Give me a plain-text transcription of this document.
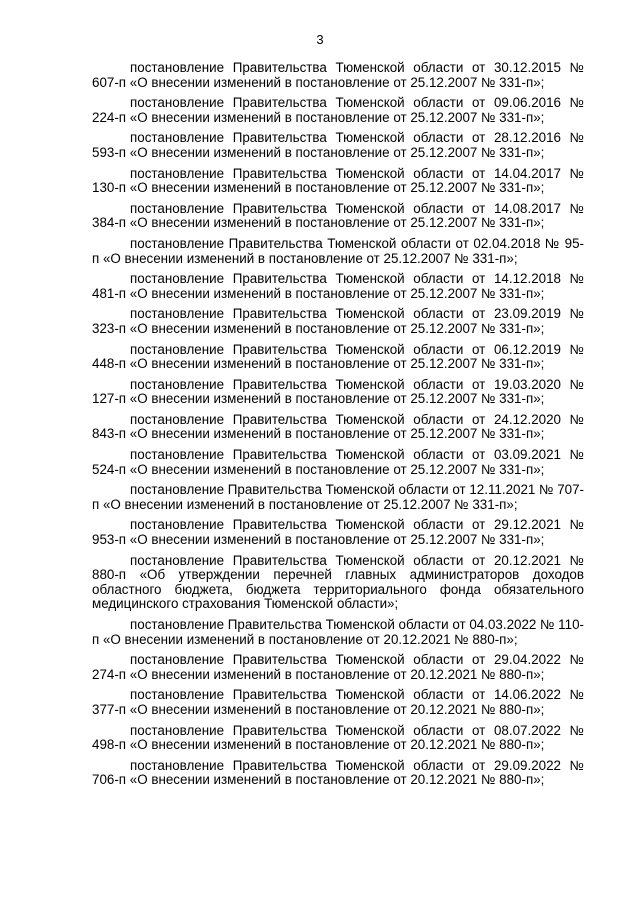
3

постановление Правительства Тюменской области от 30.12.2015 № 607-п «О внесении изменений в постановление от 25.12.2007 № 331-п»;

постановление Правительства Тюменской области от 09.06.2016 № 224-п «О внесении изменений в постановление от 25.12.2007 № 331-п»;

постановление Правительства Тюменской области от 28.12.2016 № 593-п «О внесении изменений в постановление от 25.12.2007 № 331-п»;

постановление Правительства Тюменской области от 14.04.2017 № 130-п «О внесении изменений в постановление от 25.12.2007 № 331-п»;

постановление Правительства Тюменской области от 14.08.2017 № 384-п «О внесении изменений в постановление от 25.12.2007 № 331-п»;

постановление Правительства Тюменской области от 02.04.2018 № 95-п «О внесении изменений в постановление от 25.12.2007 № 331-п»;

постановление Правительства Тюменской области от 14.12.2018 № 481-п «О внесении изменений в постановление от 25.12.2007 № 331-п»;

постановление Правительства Тюменской области от 23.09.2019 № 323-п «О внесении изменений в постановление от 25.12.2007 № 331-п»;

постановление Правительства Тюменской области от 06.12.2019 № 448-п «О внесении изменений в постановление от 25.12.2007 № 331-п»;

постановление Правительства Тюменской области от 19.03.2020 № 127-п «О внесении изменений в постановление от 25.12.2007 № 331-п»;

постановление Правительства Тюменской области от 24.12.2020 № 843-п «О внесении изменений в постановление от 25.12.2007 № 331-п»;

постановление Правительства Тюменской области от 03.09.2021 № 524-п «О внесении изменений в постановление от 25.12.2007 № 331-п»;

постановление Правительства Тюменской области от 12.11.2021 № 707-п «О внесении изменений в постановление от 25.12.2007 № 331-п»;

постановление Правительства Тюменской области от 29.12.2021 № 953-п «О внесении изменений в постановление от 25.12.2007 № 331-п»;

постановление Правительства Тюменской области от 20.12.2021 № 880-п «Об утверждении перечней главных администраторов доходов областного бюджета, бюджета территориального фонда обязательного медицинского страхования Тюменской области»;

постановление Правительства Тюменской области от 04.03.2022 № 110-п «О внесении изменений в постановление от 20.12.2021 № 880-п»;

постановление Правительства Тюменской области от 29.04.2022 № 274-п «О внесении изменений в постановление от 20.12.2021 № 880-п»;

постановление Правительства Тюменской области от 14.06.2022 № 377-п «О внесении изменений в постановление от 20.12.2021 № 880-п»;

постановление Правительства Тюменской области от 08.07.2022 № 498-п «О внесении изменений в постановление от 20.12.2021 № 880-п»;

постановление Правительства Тюменской области от 29.09.2022 № 706-п «О внесении изменений в постановление от 20.12.2021 № 880-п»;
